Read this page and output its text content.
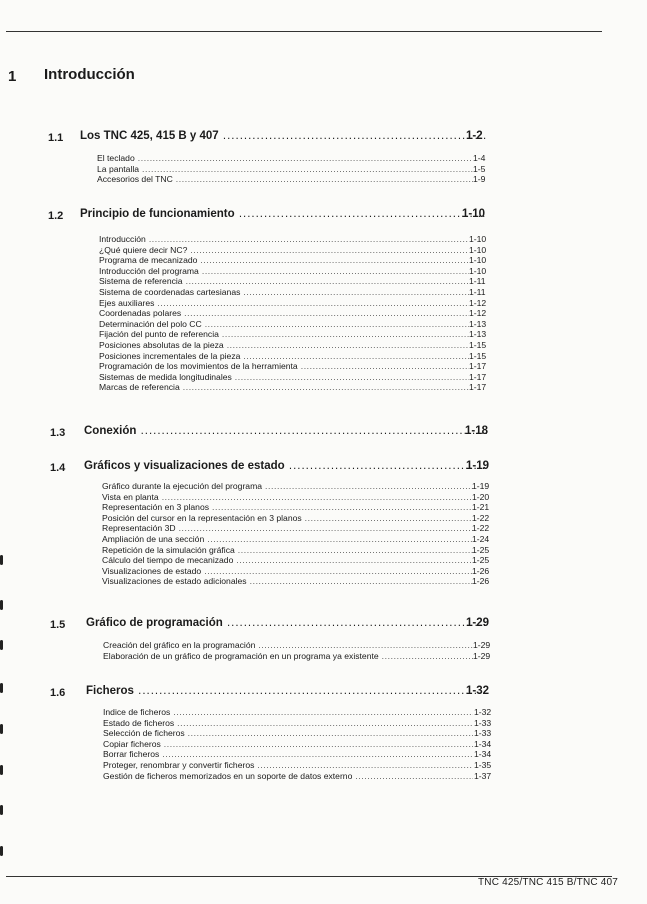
1 Introducción
1.1 Los TNC 425, 415 B y 407 .....	1-2
El teclado .....	1-4
La pantalla .....	1-5
Accesorios del TNC .....	1-9
1.2 Principio de funcionamiento .....	1-10
Introducción .....	1-10
¿Qué quiere decir NC? .....	1-10
Programa de mecanizado .....	1-10
Introducción del programa .....	1-10
Sistema de referencia .....	1-11
Sistema de coordenadas cartesianas .....	1-11
Ejes auxiliares .....	1-12
Coordenadas polares .....	1-12
Determinación del polo CC .....	1-13
Fijación del punto de referencia .....	1-13
Posiciones absolutas de la pieza .....	1-15
Posiciones incrementales de la pieza .....	1-15
Programación de los movimientos de la herramienta .....	1-17
Sistemas de medida longitudinales .....	1-17
Marcas de referencia .....	1-17
1.3 Conexión .....	1-18
1.4 Gráficos y visualizaciones de estado .....	1-19
Gráfico durante la ejecución del programa .....	1-19
Vista en planta .....	1-20
Representación en 3 planos .....	1-21
Posición del cursor en la representación en 3 planos .....	1-22
Representación 3D .....	1-22
Ampliación de una sección .....	1-24
Repetición de la simulación gráfica .....	1-25
Cálculo del tiempo de mecanizado .....	1-25
Visualizaciones de estado .....	1-26
Visualizaciones de estado adicionales .....	1-26
1.5 Gráfico de programación .....	1-29
Creación del gráfico en la programación .....	1-29
Elaboración de un gráfico de programación en un programa ya existente .....	1-29
1.6 Ficheros .....	1-32
Indice de ficheros .....	1-32
Estado de ficheros .....	1-33
Selección de ficheros .....	1-33
Copiar ficheros .....	1-34
Borrar ficheros .....	1-34
Proteger, renombrar y convertir ficheros .....	1-35
Gestión de ficheros memorizados en un soporte de datos externo .....	1-37
TNC 425/TNC 415 B/TNC 407
